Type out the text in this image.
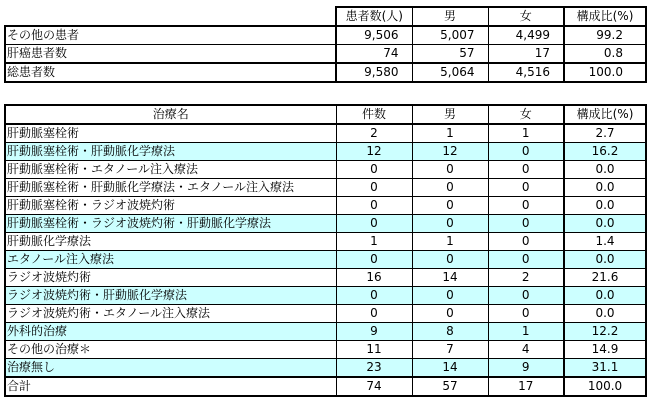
	患者数(人)	男	女	構成比(%)
その他の患者	9,506	5,007	4,499	99.2
肝癌患者数	74	57	17	0.8
総患者数	9,580	5,064	4,516	100.0
治療名	件数	男	女	構成比(%)
肝動脈塞栓術	2	1	1	2.7
肝動脈塞栓術・肝動脈化学療法	12	12	0	16.2
肝動脈塞栓術・エタノール注入療法	0	0	0	0.0
肝動脈塞栓術・肝動脈化学療法・エタノール注入療法	0	0	0	0.0
肝動脈塞栓術・ラジオ波焼灼術	0	0	0	0.0
肝動脈塞栓術・ラジオ波焼灼術・肝動脈化学療法	0	0	0	0.0
肝動脈化学療法	1	1	0	1.4
エタノール注入療法	0	0	0	0.0
ラジオ波焼灼術	16	14	2	21.6
ラジオ波焼灼術・肝動脈化学療法	0	0	0	0.0
ラジオ波焼灼術・エタノール注入療法	0	0	0	0.0
外科的治療	9	8	1	12.2
その他の治療＊	11	7	4	14.9
治療無し	23	14	9	31.1
合計	74	57	17	100.0
